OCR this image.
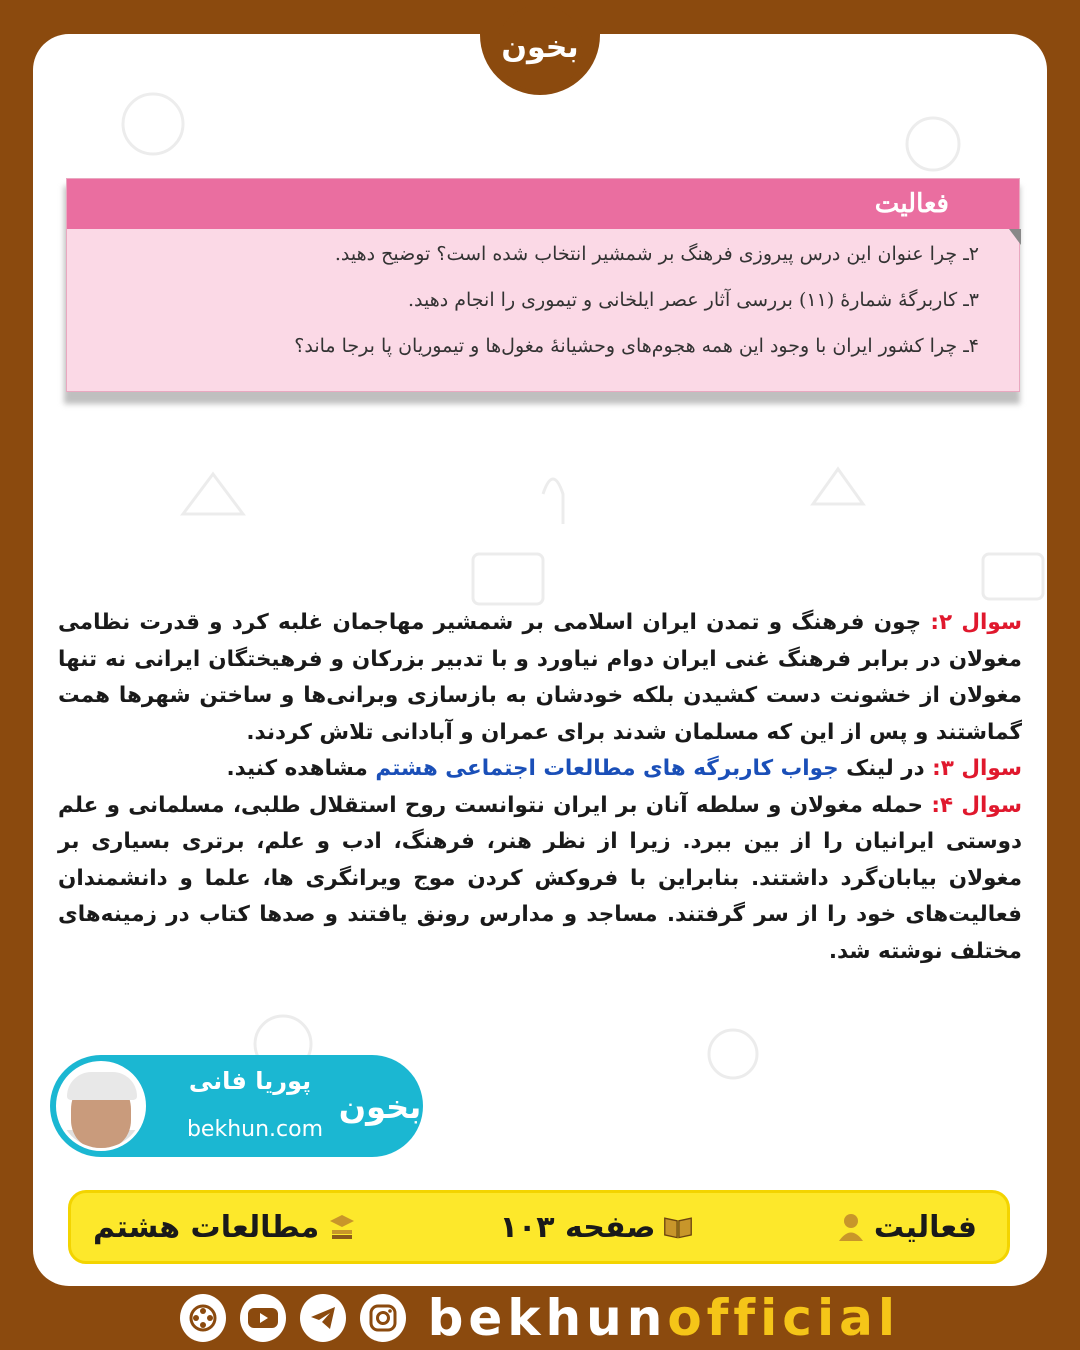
بخون
فعالیت
۲ـ چرا عنوان این درس پیروزی فرهنگ بر شمشیر انتخاب شده است؟ توضیح دهید.
۳ـ کاربرگهٔ شمارهٔ (۱۱) بررسی آثار عصر ایلخانی و تیموری را انجام دهید.
۴ـ چرا کشور ایران با وجود این همه هجوم‌های وحشیانهٔ مغول‌ها و تیموریان پا برجا ماند؟
سوال ۲: چون فرهنگ و تمدن ایران اسلامی بر شمشیر مهاجمان غلبه کرد و قدرت نظامی مغولان در برابر فرهنگ غنی ایران دوام نیاورد و با تدبیر بزرکان و فرهیختگان ایرانی نه تنها مغولان از خشونت دست کشیدن بلکه خودشان به بازسازی وبرانی‌ها و ساختن شهرها همت گماشتند و پس از این که مسلمان شدند برای عمران و آبادانی تلاش کردند.
سوال ۳: در لینک جواب کاربرگه های مطالعات اجتماعی هشتم مشاهده کنید.
سوال ۴: حمله مغولان و سلطه آنان بر ایران نتوانست روح استقلال طلبی، مسلمانی و علم دوستی ایرانیان را از بین ببرد. زیرا از نظر هنر، فرهنگ، ادب و علم، برتری بسیاری بر مغولان بیابان‌گرد داشتند. بنابراین با فروکش کردن موج ویرانگری ها، علما و دانشمندان فعالیت‌های خود را از سر گرفتند. مساجد و مدارس رونق یافتند و صدها کتاب در زمینه‌های مختلف نوشته شد.
پوریا فانی
bekhun.com
بخون
مطالعات هشتم	صفحه ۱۰۳	فعالیت
bekhunofficial
